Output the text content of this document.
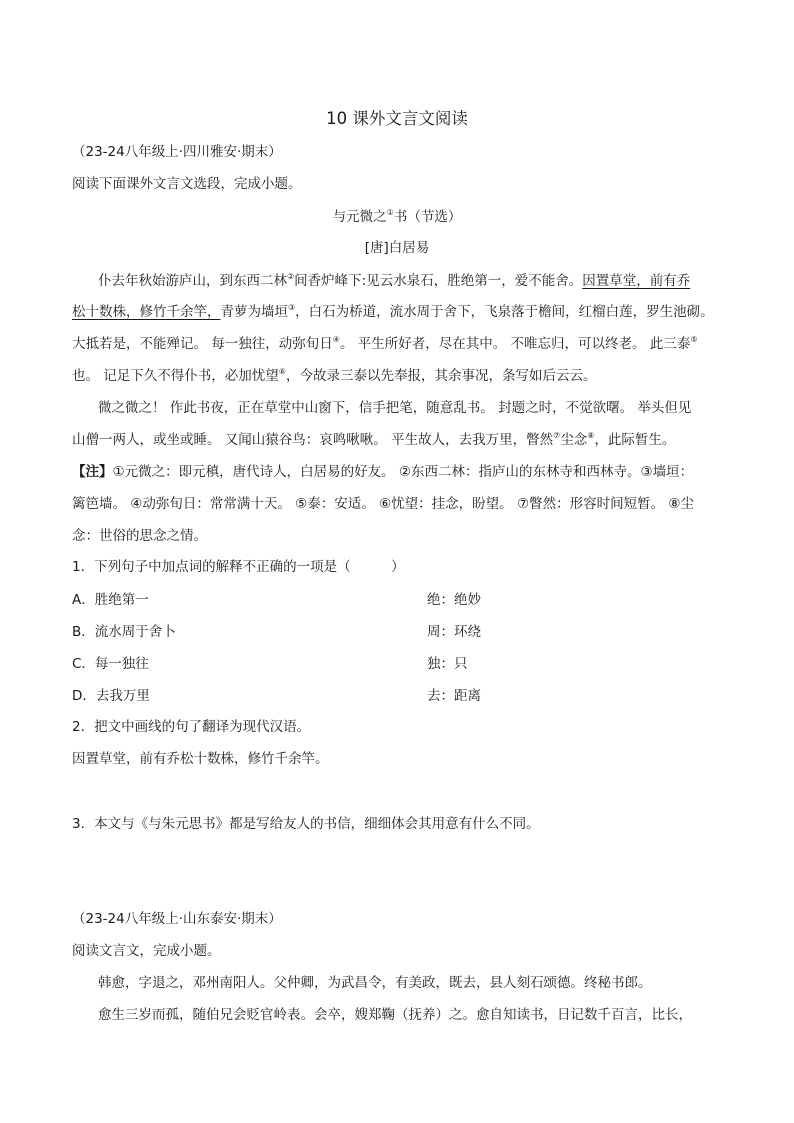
10 课外文言文阅读
（23-24八年级上·四川雅安·期末）
阅读下面课外文言文选段，完成小题。
与元微之①书（节选）
[唐]白居易
仆去年秋始游庐山，到东西二林②间香炉峰下:见云水泉石，胜绝第一，爱不能舍。因置草堂，前有乔
松十数株，修竹千余竿，青萝为墙垣③，白石为桥道，流水周于舍下，飞泉落于檐间，红榴白莲，罗生池砌。
大抵若是，不能殚记。 每一独往，动弥旬日④。 平生所好者，尽在其中。 不唯忘归，可以终老。 此三泰⑤
也。 记足下久不得仆书，必加忧望⑥，今故录三泰以先奉报，其余事况，条写如后云云。
微之微之！ 作此书夜，正在草堂中山窗下，信手把笔，随意乱书。 封题之时，不觉欲曙。 举头但见
山僧一两人，或坐或睡。 又闻山猿谷鸟：哀鸣啾啾。 平生故人，去我万里，瞥然⑦尘念⑧，此际暂生。
【注】①元微之：即元稹，唐代诗人，白居易的好友。 ②东西二林：指庐山的东林寺和西林寺。③墙垣：
篱笆墙。 ④动弥旬日：常常满十天。 ⑤泰：安适。 ⑥忧望：挂念，盼望。 ⑦瞥然：形容时间短暂。 ⑧尘
念：世俗的思念之情。
1．下列句子中加点词的解释不正确的一项是（　　　）
A．胜绝第一	绝：绝妙
B．流水周于舍卜	周：环绕
C．每一独往	独：只
D．去我万里	去：距离
2．把文中画线的句了翻译为现代汉语。
因置草堂，前有乔松十数株，修竹千余竿。
3．本文与《与朱元思书》都是写给友人的书信，细细体会其用意有什么不同。
（23-24八年级上·山东泰安·期末）
阅读文言文，完成小题。
韩愈，字退之，邓州南阳人。父仲卿，为武昌令，有美政，既去，县人刻石颂德。终秘书郎。
愈生三岁而孤，随伯兄会贬官岭表。会卒，嫂郑鞠（抚养）之。愈自知读书，日记数千百言，比长，
